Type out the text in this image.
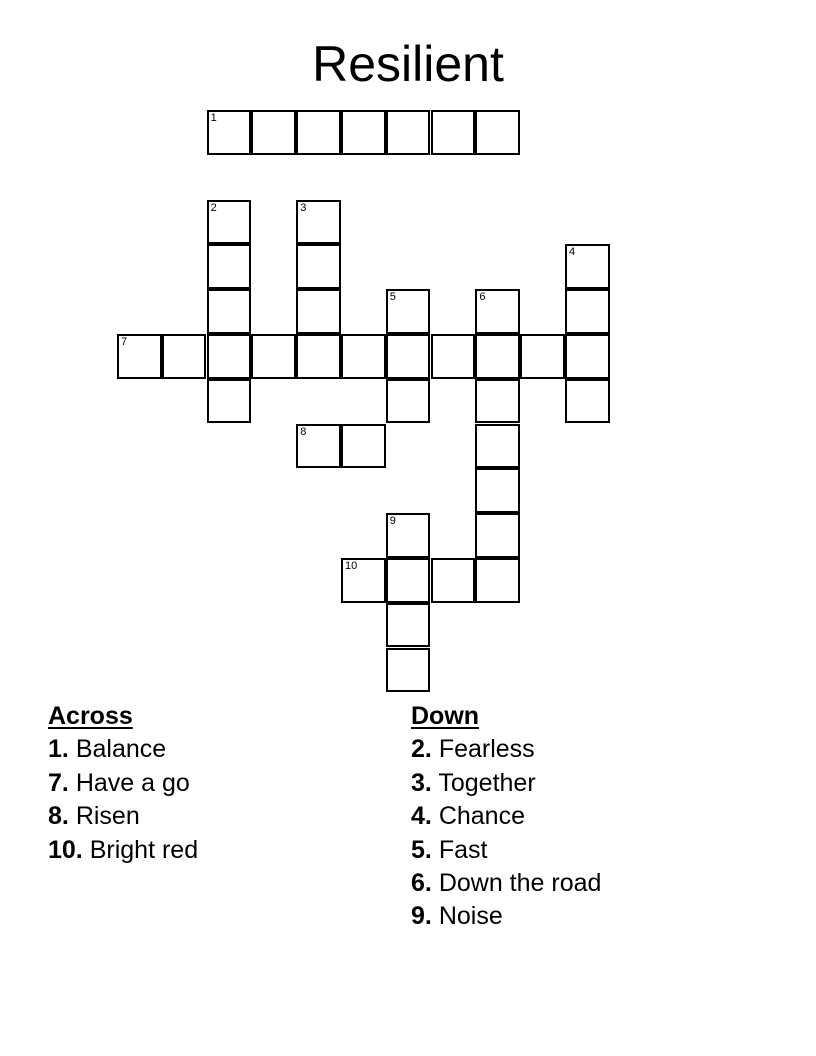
Resilient
1
2	3
4
5	6
7
8
9
10
Across
1. Balance
7. Have a go
8. Risen
10. Bright red
Down
2. Fearless
3. Together
4. Chance
5. Fast
6. Down the road
9. Noise
